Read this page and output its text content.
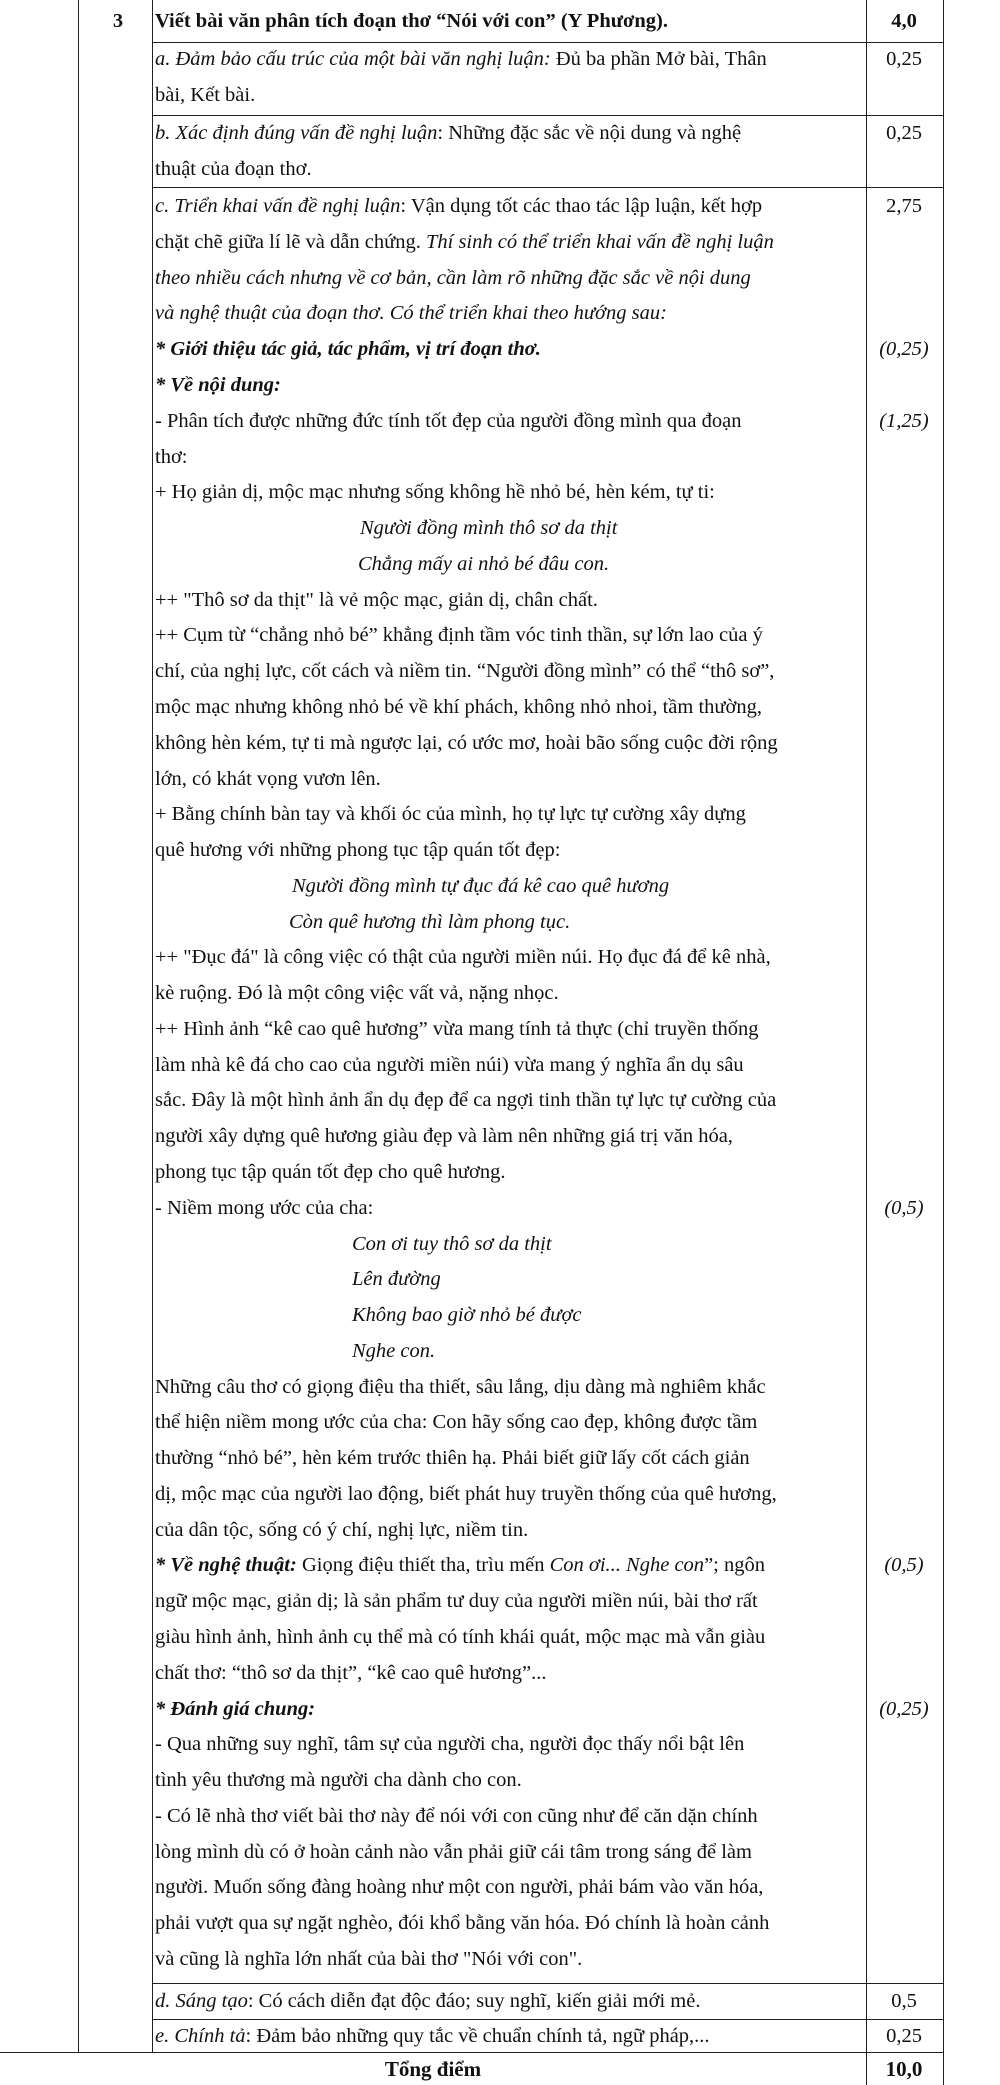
3	Viết bài văn phân tích đoạn thơ “Nói với con” (Y Phương).
a. Đảm bảo cấu trúc của một bài văn nghị luận: Đủ ba phần Mở bài, Thân
bài, Kết bài.
b. Xác định đúng vấn đề nghị luận: Những đặc sắc về nội dung và nghệ
thuật của đoạn thơ.
c. Triển khai vấn đề nghị luận: Vận dụng tốt các thao tác lập luận, kết hợp
chặt chẽ giữa lí lẽ và dẫn chứng. Thí sinh có thể triển khai vấn đề nghị luận
theo nhiều cách nhưng về cơ bản, cần làm rõ những đặc sắc về nội dung
và nghệ thuật của đoạn thơ. Có thể triển khai theo hướng sau:
* Giới thiệu tác giả, tác phẩm, vị trí đoạn thơ.
* Về nội dung:
- Phân tích được những đức tính tốt đẹp của người đồng mình qua đoạn
thơ:
+ Họ giản dị, mộc mạc nhưng sống không hề nhỏ bé, hèn kém, tự ti:
Người đồng mình thô sơ da thịt
Chẳng mấy ai nhỏ bé đâu con.
++ "Thô sơ da thịt" là vẻ mộc mạc, giản dị, chân chất.
++ Cụm từ “chẳng nhỏ bé” khẳng định tầm vóc tinh thần, sự lớn lao của ý
chí, của nghị lực, cốt cách và niềm tin. “Người đồng mình” có thể “thô sơ”,
mộc mạc nhưng không nhỏ bé về khí phách, không nhỏ nhoi, tầm thường,
không hèn kém, tự ti mà ngược lại, có ước mơ, hoài bão sống cuộc đời rộng
lớn, có khát vọng vươn lên.
+ Bằng chính bàn tay và khối óc của mình, họ tự lực tự cường xây dựng
quê hương với những phong tục tập quán tốt đẹp:
Người đồng mình tự đục đá kê cao quê hương
Còn quê hương thì làm phong tục.
++ "Đục đá" là công việc có thật của người miền núi. Họ đục đá để kê nhà,
kè ruộng. Đó là một công việc vất vả, nặng nhọc.
++ Hình ảnh “kê cao quê hương” vừa mang tính tả thực (chỉ truyền thống
làm nhà kê đá cho cao của người miền núi) vừa mang ý nghĩa ẩn dụ sâu
sắc. Đây là một hình ảnh ẩn dụ đẹp để ca ngợi tinh thần tự lực tự cường của
người xây dựng quê hương giàu đẹp và làm nên những giá trị văn hóa,
phong tục tập quán tốt đẹp cho quê hương.
- Niềm mong ước của cha:
Con ơi tuy thô sơ da thịt
Lên đường
Không bao giờ nhỏ bé được
Nghe con.
Những câu thơ có giọng điệu tha thiết, sâu lắng, dịu dàng mà nghiêm khắc
thể hiện niềm mong ước của cha: Con hãy sống cao đẹp, không được tầm
thường “nhỏ bé”, hèn kém trước thiên hạ. Phải biết giữ lấy cốt cách giản
dị, mộc mạc của người lao động, biết phát huy truyền thống của quê hương,
của dân tộc, sống có ý chí, nghị lực, niềm tin.
* Về nghệ thuật: Giọng điệu thiết tha, trìu mến Con ơi... Nghe con”; ngôn
ngữ mộc mạc, giản dị; là sản phẩm tư duy của người miền núi, bài thơ rất
giàu hình ảnh, hình ảnh cụ thể mà có tính khái quát, mộc mạc mà vẫn giàu
chất thơ: “thô sơ da thịt”, “kê cao quê hương”...
* Đánh giá chung:
- Qua những suy nghĩ, tâm sự của người cha, người đọc thấy nổi bật lên
tình yêu thương mà người cha dành cho con.
- Có lẽ nhà thơ viết bài thơ này để nói với con cũng như để căn dặn chính
lòng mình dù có ở hoàn cảnh nào vẫn phải giữ cái tâm trong sáng để làm
người. Muốn sống đàng hoàng như một con người, phải bám vào văn hóa,
phải vượt qua sự ngặt nghèo, đói khổ bằng văn hóa. Đó chính là hoàn cảnh
và cũng là nghĩa lớn nhất của bài thơ "Nói với con".
d. Sáng tạo: Có cách diễn đạt độc đáo; suy nghĩ, kiến giải mới mẻ.
e. Chính tả: Đảm bảo những quy tắc về chuẩn chính tả, ngữ pháp,...
4,0
0,25
0,25
2,75
(0,25)
(1,25)
(0,5)
(0,5)
(0,25)
0,5
0,25
Tổng điểm	10,0
